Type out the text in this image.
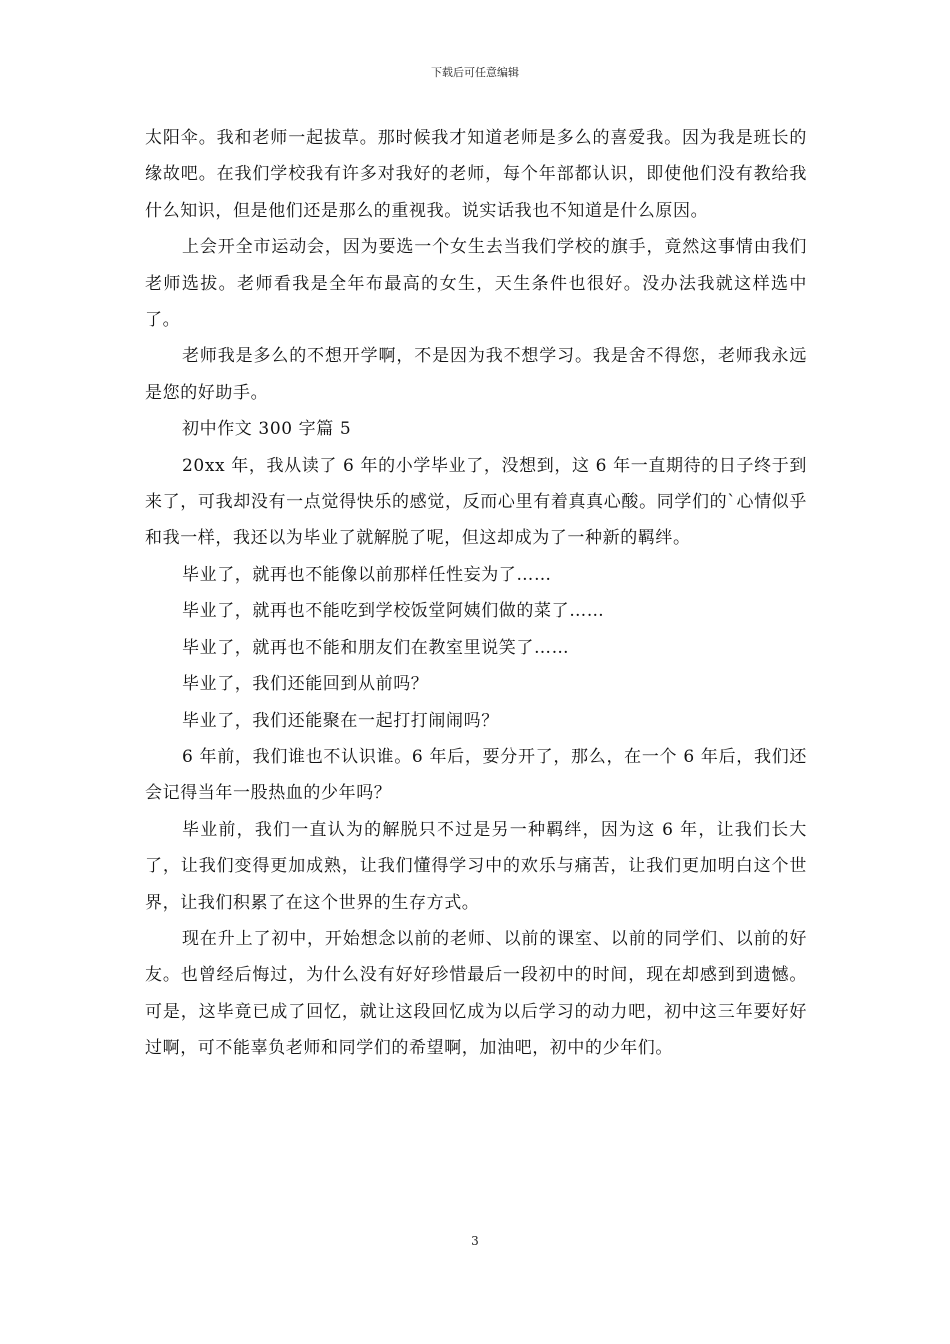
下载后可任意编辑

太阳伞。我和老师一起拔草。那时候我才知道老师是多么的喜爱我。因为我是班长的缘故吧。在我们学校我有许多对我好的老师，每个年部都认识，即使他们没有教给我什么知识，但是他们还是那么的重视我。说实话我也不知道是什么原因。

上会开全市运动会，因为要选一个女生去当我们学校的旗手，竟然这事情由我们老师选拔。老师看我是全年布最高的女生，天生条件也很好。没办法我就这样选中了。

老师我是多么的不想开学啊，不是因为我不想学习。我是舍不得您，老师我永远是您的好助手。

初中作文 300 字篇 5

20xx 年，我从读了 6 年的小学毕业了，没想到，这 6 年一直期待的日子终于到来了，可我却没有一点觉得快乐的感觉，反而心里有着真真心酸。同学们的`心情似乎和我一样，我还以为毕业了就解脱了呢，但这却成为了一种新的羁绊。

毕业了，就再也不能像以前那样任性妄为了……

毕业了，就再也不能吃到学校饭堂阿姨们做的菜了……

毕业了，就再也不能和朋友们在教室里说笑了……

毕业了，我们还能回到从前吗？

毕业了，我们还能聚在一起打打闹闹吗？

6 年前，我们谁也不认识谁。6 年后，要分开了，那么，在一个 6 年后，我们还会记得当年一股热血的少年吗？

毕业前，我们一直认为的解脱只不过是另一种羁绊，因为这 6 年，让我们长大了，让我们变得更加成熟，让我们懂得学习中的欢乐与痛苦，让我们更加明白这个世界，让我们积累了在这个世界的生存方式。

现在升上了初中，开始想念以前的老师、以前的课室、以前的同学们、以前的好友。也曾经后悔过，为什么没有好好珍惜最后一段初中的时间，现在却感到到遗憾。可是，这毕竟已成了回忆，就让这段回忆成为以后学习的动力吧，初中这三年要好好过啊，可不能辜负老师和同学们的希望啊，加油吧，初中的少年们。

3
